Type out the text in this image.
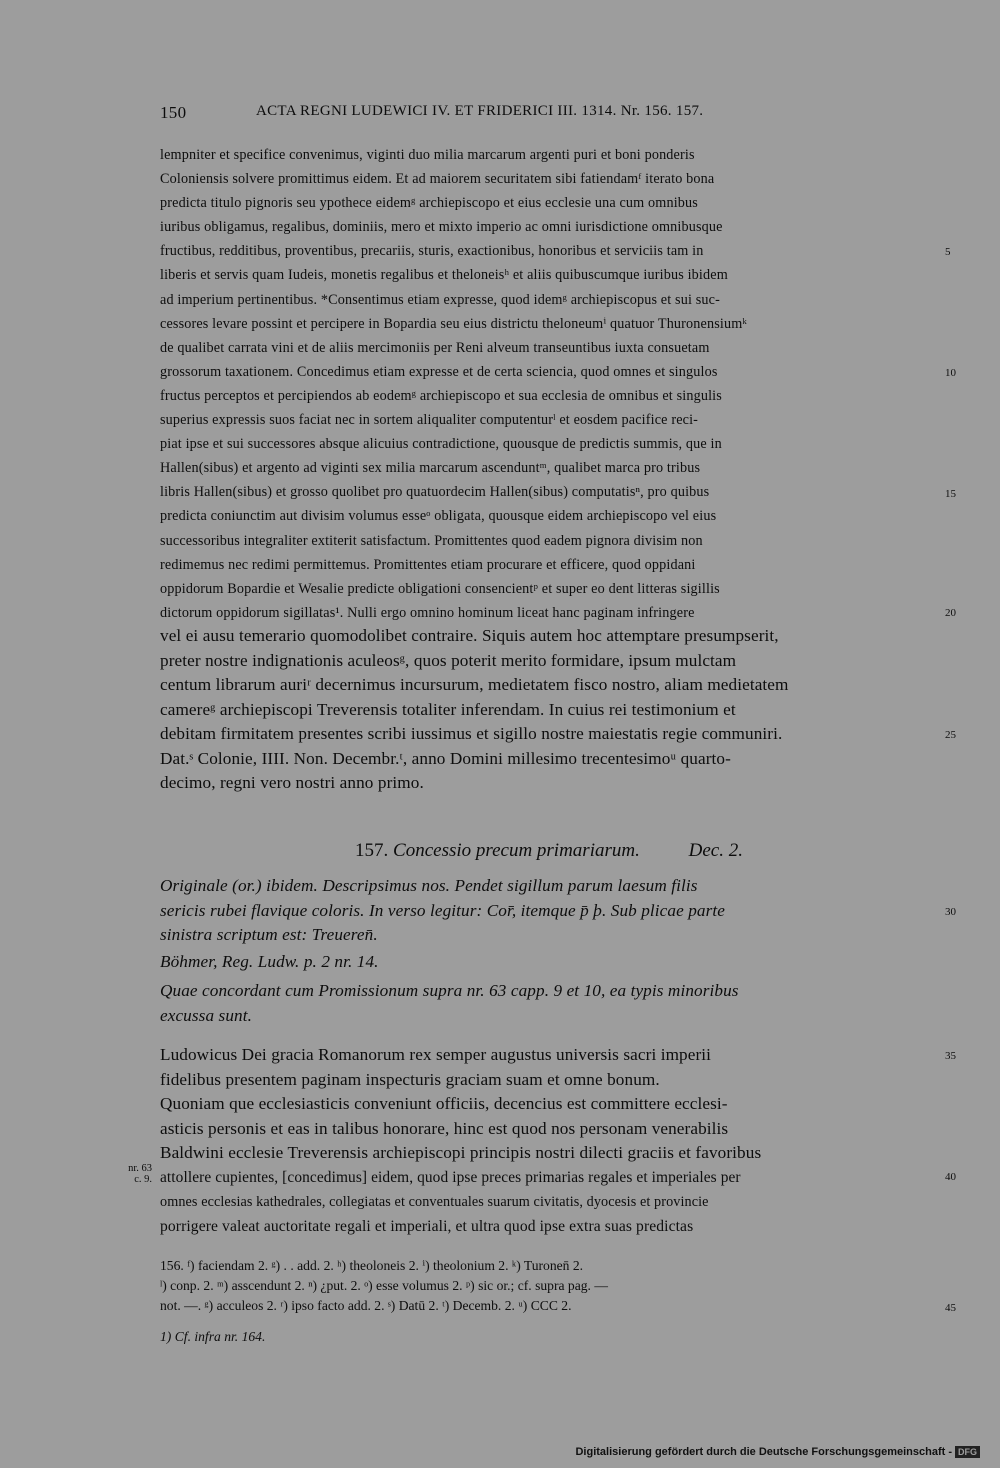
150	ACTA REGNI LUDEWICI IV. ET FRIDERICI III. 1314. Nr. 156. 157.
lempniter et specifice convenimus, viginti duo milia marcarum argenti puri et boni ponderis
Coloniensis solvere promittimus eidem. Et ad maiorem securitatem sibi fatiendamᶠ iterato bona
predicta titulo pignoris seu ypothece eidemᵍ archiepiscopo et eius ecclesie una cum omnibus
iuribus obligamus, regalibus, dominiis, mero et mixto imperio ac omni iurisdictione omnibusque
fructibus, redditibus, proventibus, precariis, sturis, exactionibus, honoribus et serviciis tam in
liberis et servis quam Iudeis, monetis regalibus et theloneisʰ et aliis quibuscumque iuribus ibidem
ad imperium pertinentibus. *Consentimus etiam expresse, quod idemᵍ archiepiscopus et sui suc-
cessores levare possint et percipere in Bopardia seu eius districtu theloneumⁱ quatuor Thuronensiumᵏ
de qualibet carrata vini et de aliis mercimoniis per Reni alveum transeuntibus iuxta consuetam
grossorum taxationem. Concedimus etiam expresse et de certa sciencia, quod omnes et singulos
fructus perceptos et percipiendos ab eodemᵍ archiepiscopo et sua ecclesia de omnibus et singulis
superius expressis suos faciat nec in sortem aliqualiter computenturˡ et eosdem pacifice reci-
piat ipse et sui successores absque alicuius contradictione, quousque de predictis summis, que in
Hallen(sibus) et argento ad viginti sex milia marcarum ascenduntᵐ, qualibet marca pro tribus
libris Hallen(sibus) et grosso quolibet pro quatuordecim Hallen(sibus) computatisⁿ, pro quibus
predicta coniunctim aut divisim volumus esseᵒ obligata, quousque eidem archiepiscopo vel eius
successoribus integraliter extiterit satisfactum. Promittentes quod eadem pignora divisim non
redimemus nec redimi permittemus. Promittentes etiam procurare et efficere, quod oppidani
oppidorum Bopardie et Wesalie predicte obligationi consencientᵖ et super eo dent litteras sigillis
dictorum oppidorum sigillatas¹. Nulli ergo omnino hominum liceat hanc paginam infringere
vel ei ausu temerario quomodolibet contraire. Siquis autem hoc attemptare presumpserit,
preter nostre indignationis aculeosᵍ, quos poterit merito formidare, ipsum mulctam
centum librarum auriʳ decernimus incursurum, medietatem fisco nostro, aliam medietatem
camereᵍ archiepiscopi Treverensis totaliter inferendam. In cuius rei testimonium et
debitam firmitatem presentes scribi iussimus et sigillo nostre maiestatis regie communiri.
Dat.ˢ Colonie, IIII. Non. Decembr.ᵗ, anno Domini millesimo trecentesimoᵘ quarto-
decimo, regni vero nostri anno primo.
5
10
15
20
25
30
35
40
45
157. Concessio precum primariarum.	Dec. 2.
Originale (or.) ibidem. Descripsimus nos. Pendet sigillum parum laesum filis
sericis rubei flavique coloris. In verso legitur: Cor̄, itemque p̄ þ. Sub plicae parte
sinistra scriptum est: Treueren̄.
Böhmer, Reg. Ludw. p. 2 nr. 14.
Quae concordant cum Promissionum supra nr. 63 capp. 9 et 10, ea typis minoribus
excussa sunt.
Ludowicus Dei gracia Romanorum rex semper augustus universis sacri imperii
fidelibus presentem paginam inspecturis graciam suam et omne bonum.
Quoniam que ecclesiasticis conveniunt officiis, decencius est committere ecclesi-
asticis personis et eas in talibus honorare, hinc est quod nos personam venerabilis
Baldwini ecclesie Treverensis archiepiscopi principis nostri dilecti graciis et favoribus
attollere cupientes, [concedimus] eidem, quod ipse preces primarias regales et imperiales per
omnes ecclesias kathedrales, collegiatas et conventuales suarum civitatis, dyocesis et provincie
porrigere valeat auctoritate regali et imperiali, et ultra quod ipse extra suas predictas
nr. 63
c. 9.
156. ᶠ) faciendam 2. ᵍ) . . add. 2. ʰ) theoloneis 2. ⁱ) theolonium 2. ᵏ) Turonen̄ 2.
ˡ) conp. 2. ᵐ) asscendunt 2. ⁿ) ¿put. 2. ᵒ) esse volumus 2. ᵖ) sic or.; cf. supra pag. —
not. —. ᵍ) acculeos 2. ʳ) ipso facto add. 2. ˢ) Datū 2. ᵗ) Decemb. 2. ᵘ) CCC 2.
1) Cf. infra nr. 164.
Digitalisierung gefördert durch die Deutsche Forschungsgemeinschaft - DFG
